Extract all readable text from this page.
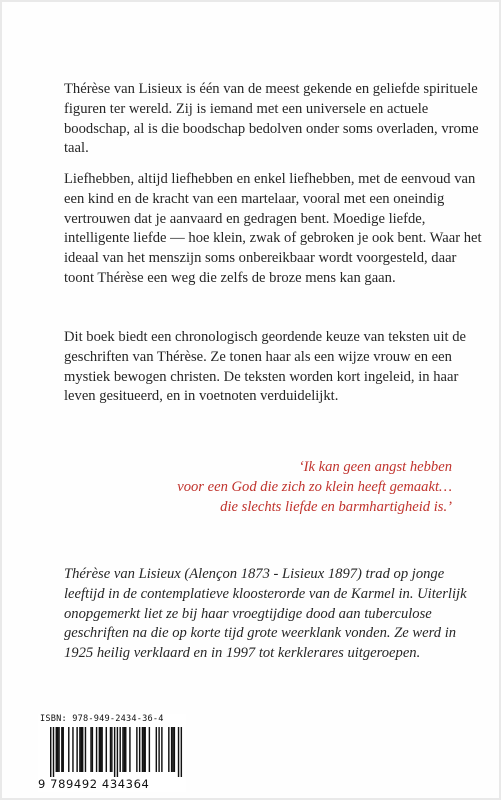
Thérèse van Lisieux is één van de meest gekende en geliefde spirituele figuren ter wereld. Zij is iemand met een universele en actuele boodschap, al is die boodschap bedolven onder soms overladen, vrome taal.

Liefhebben, altijd liefhebben en enkel liefhebben, met de eenvoud van een kind en de kracht van een martelaar, vooral met een oneindig vertrouwen dat je aanvaard en gedragen bent. Moedige liefde, intelligente liefde — hoe klein, zwak of gebroken je ook bent. Waar het ideaal van het menszijn soms onbereikbaar wordt voorgesteld, daar toont Thérèse een weg die zelfs de broze mens kan gaan.

Dit boek biedt een chronologisch geordende keuze van teksten uit de geschriften van Thérèse. Ze tonen haar als een wijze vrouw en een mystiek bewogen christen. De teksten worden kort ingeleid, in haar leven gesitueerd, en in voetnoten verduidelijkt.

‘Ik kan geen angst hebben
voor een God die zich zo klein heeft gemaakt…
die slechts liefde en barmhartigheid is.’

Thérèse van Lisieux (Alençon 1873 - Lisieux 1897) trad op jonge leeftijd in de contemplatieve kloosterorde van de Karmel in. Uiterlijk onopgemerkt liet ze bij haar vroegtijdige dood aan tuberculose geschriften na die op korte tijd grote weerklank vonden. Ze werd in 1925 heilig verklaard en in 1997 tot kerklerares uitgeroepen.

ISBN: 978-949-2434-36-4
9 789492 434364
